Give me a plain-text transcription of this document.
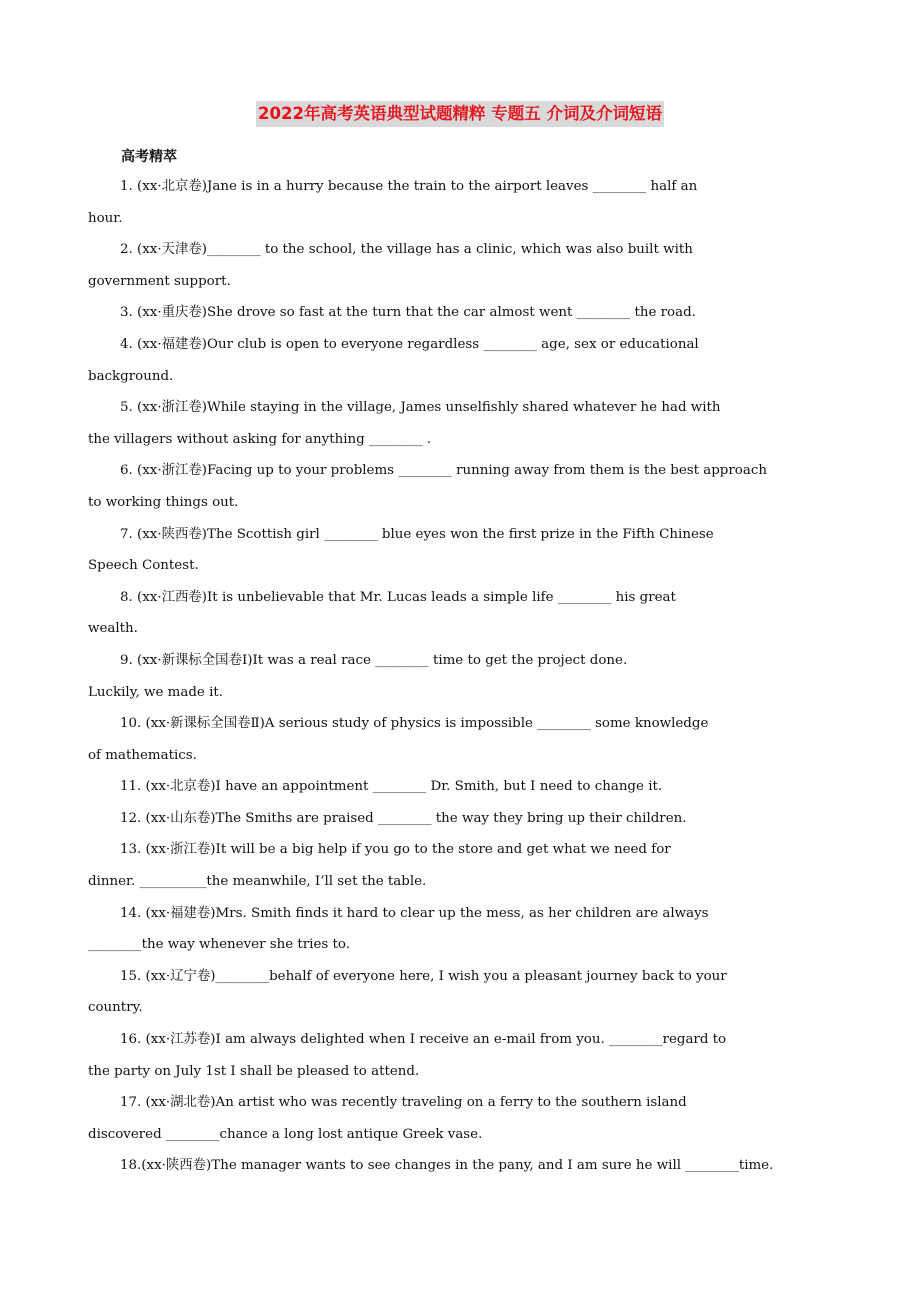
2022年高考英语典型试题精粹 专题五 介词及介词短语
高考精萃
1. (xx·北京卷)Jane is in a hurry because the train to the airport leaves ________ half an
hour.
2. (xx·天津卷)________ to the school, the village has a clinic, which was also built with
government support.
3. (xx·重庆卷)She drove so fast at the turn that the car almost went ________ the road.
4. (xx·福建卷)Our club is open to everyone regardless ________ age, sex or educational
background.
5. (xx·浙江卷)While staying in the village, James unselfishly shared whatever he had with
the villagers without asking for anything ________ .
6. (xx·浙江卷)Facing up to your problems ________ running away from them is the best approach
to working things out.
7. (xx·陕西卷)The Scottish girl ________ blue eyes won the first prize in the Fifth Chinese
Speech Contest.
8. (xx·江西卷)It is unbelievable that Mr. Lucas leads a simple life ________ his great
wealth.
9. (xx·新课标全国卷Ⅰ)It was a real race ________ time to get the project done.
Luckily, we made it.
10. (xx·新课标全国卷Ⅱ)A serious study of physics is impossible ________ some knowledge
of mathematics.
11. (xx·北京卷)I have an appointment ________ Dr. Smith, but I need to change it.
12. (xx·山东卷)The Smiths are praised ________ the way they bring up their children.
13. (xx·浙江卷)It will be a big help if you go to the store and get what we need for
dinner. __________the meanwhile, I’ll set the table.
14. (xx·福建卷)Mrs. Smith finds it hard to clear up the mess, as her children are always
________the way whenever she tries to.
15. (xx·辽宁卷)________behalf of everyone here, I wish you a pleasant journey back to your
country.
16. (xx·江苏卷)I am always delighted when I receive an e-mail from you. ________regard to
the party on July 1st I shall be pleased to attend.
17. (xx·湖北卷)An artist who was recently traveling on a ferry to the southern island
discovered ________chance a long lost antique Greek vase.
18.(xx·陕西卷)The manager wants to see changes in the pany, and I am sure he will ________time.
